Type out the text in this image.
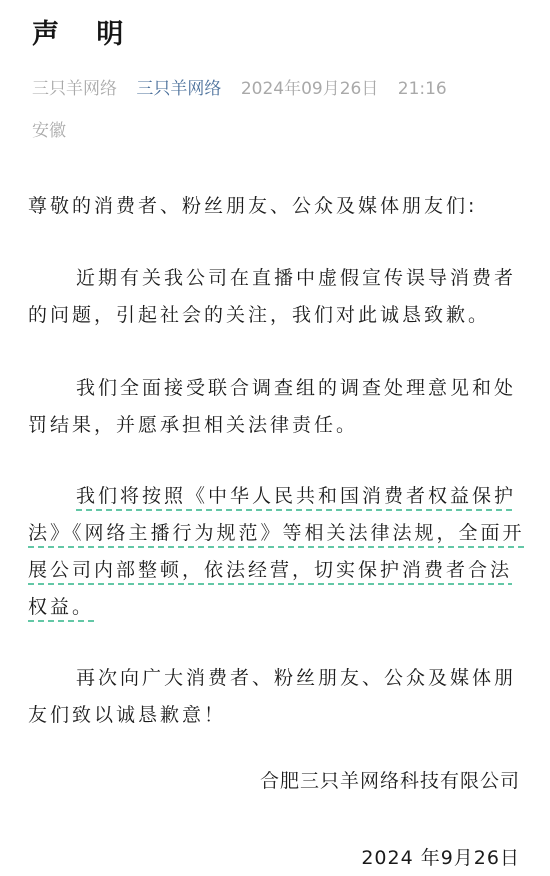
声 明
三只羊网络 三只羊网络 2024年09月26日 21:16
安徽

尊敬的消费者、粉丝朋友、公众及媒体朋友们:

近期有关我公司在直播中虚假宣传误导消费者的问题，引起社会的关注，我们对此诚恳致歉。

我们全面接受联合调查组的调查处理意见和处罚结果，并愿承担相关法律责任。

我们将按照《中华人民共和国消费者权益保护法》《网络主播行为规范》等相关法律法规，全面开展公司内部整顿，依法经营，切实保护消费者合法权益。

再次向广大消费者、粉丝朋友、公众及媒体朋友们致以诚恳歉意！

合肥三只羊网络科技有限公司
2024 年9月26日
